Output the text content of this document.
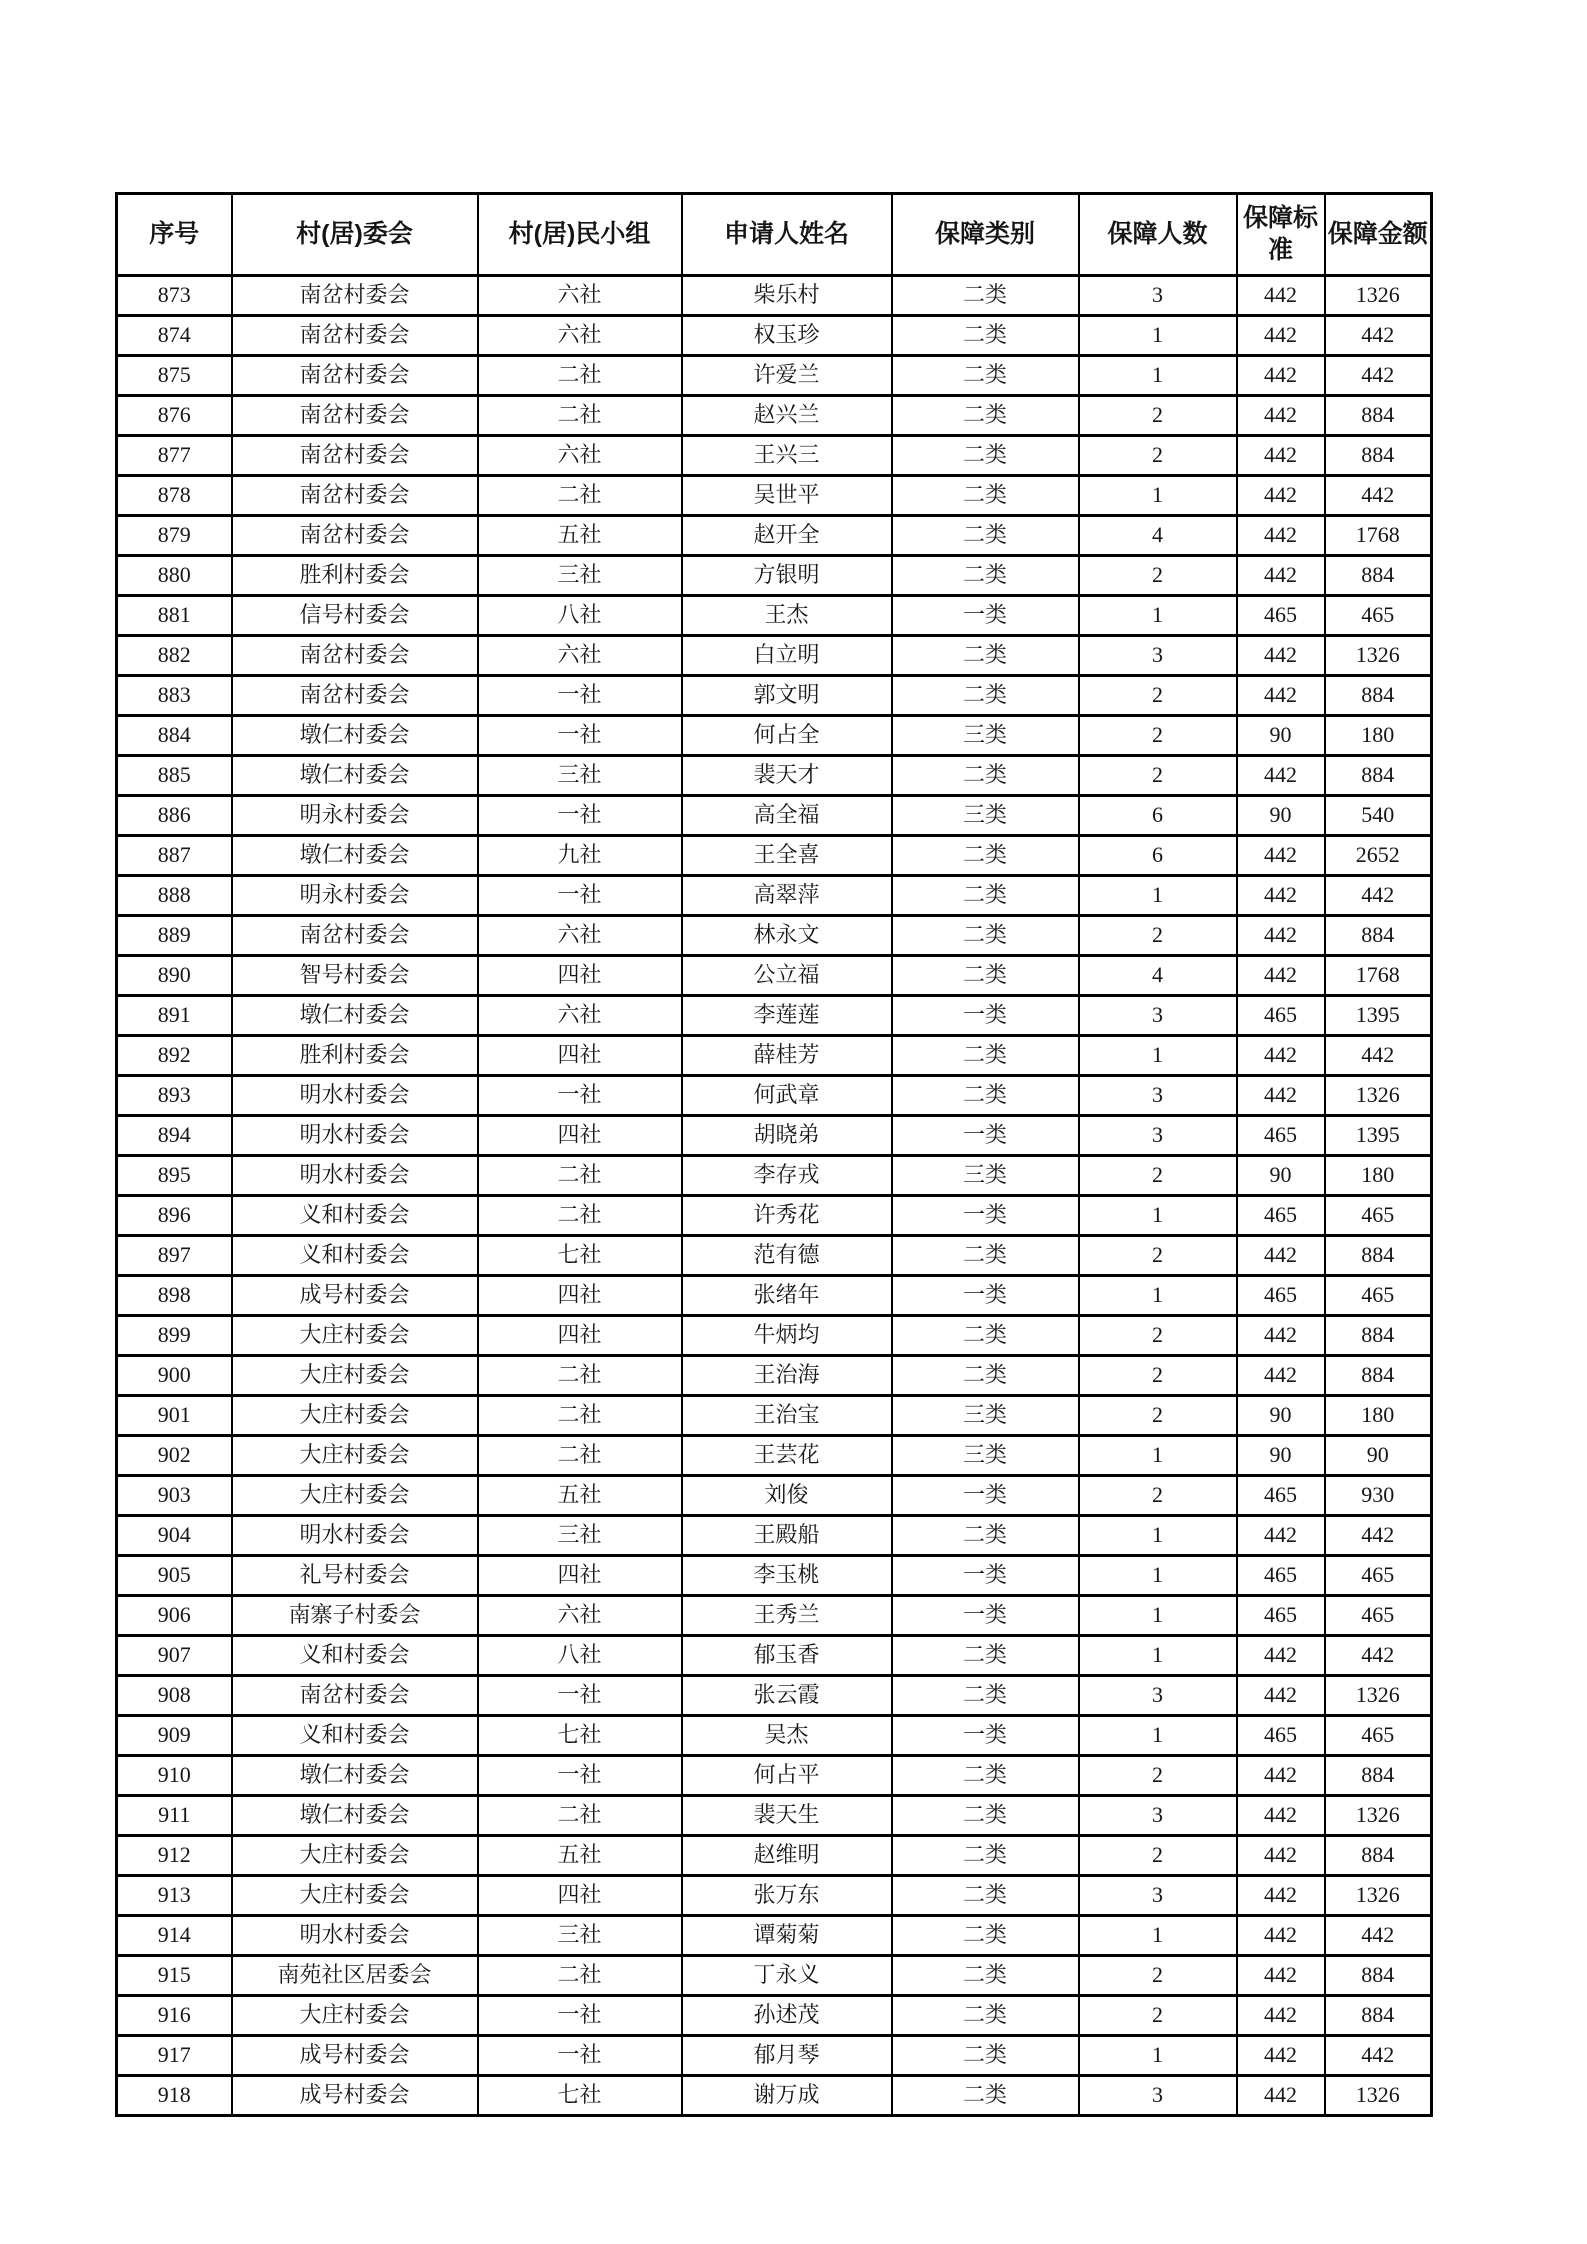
序号	村(居)委会	村(居)民小组	申请人姓名	保障类别	保障人数	保障标准	保障金额
873	南岔村委会	六社	柴乐村	二类	3	442	1326
874	南岔村委会	六社	权玉珍	二类	1	442	442
875	南岔村委会	二社	许爱兰	二类	1	442	442
876	南岔村委会	二社	赵兴兰	二类	2	442	884
877	南岔村委会	六社	王兴三	二类	2	442	884
878	南岔村委会	二社	吴世平	二类	1	442	442
879	南岔村委会	五社	赵开全	二类	4	442	1768
880	胜利村委会	三社	方银明	二类	2	442	884
881	信号村委会	八社	王杰	一类	1	465	465
882	南岔村委会	六社	白立明	二类	3	442	1326
883	南岔村委会	一社	郭文明	二类	2	442	884
884	墩仁村委会	一社	何占全	三类	2	90	180
885	墩仁村委会	三社	裴天才	二类	2	442	884
886	明永村委会	一社	高全福	三类	6	90	540
887	墩仁村委会	九社	王全喜	二类	6	442	2652
888	明永村委会	一社	高翠萍	二类	1	442	442
889	南岔村委会	六社	林永文	二类	2	442	884
890	智号村委会	四社	公立福	二类	4	442	1768
891	墩仁村委会	六社	李莲莲	一类	3	465	1395
892	胜利村委会	四社	薛桂芳	二类	1	442	442
893	明水村委会	一社	何武章	二类	3	442	1326
894	明水村委会	四社	胡晓弟	一类	3	465	1395
895	明水村委会	二社	李存戎	三类	2	90	180
896	义和村委会	二社	许秀花	一类	1	465	465
897	义和村委会	七社	范有德	二类	2	442	884
898	成号村委会	四社	张绪年	一类	1	465	465
899	大庄村委会	四社	牛炳均	二类	2	442	884
900	大庄村委会	二社	王治海	二类	2	442	884
901	大庄村委会	二社	王治宝	三类	2	90	180
902	大庄村委会	二社	王芸花	三类	1	90	90
903	大庄村委会	五社	刘俊	一类	2	465	930
904	明水村委会	三社	王殿船	二类	1	442	442
905	礼号村委会	四社	李玉桃	一类	1	465	465
906	南寨子村委会	六社	王秀兰	一类	1	465	465
907	义和村委会	八社	郁玉香	二类	1	442	442
908	南岔村委会	一社	张云霞	二类	3	442	1326
909	义和村委会	七社	吴杰	一类	1	465	465
910	墩仁村委会	一社	何占平	二类	2	442	884
911	墩仁村委会	二社	裴天生	二类	3	442	1326
912	大庄村委会	五社	赵维明	二类	2	442	884
913	大庄村委会	四社	张万东	二类	3	442	1326
914	明水村委会	三社	谭菊菊	二类	1	442	442
915	南苑社区居委会	二社	丁永义	二类	2	442	884
916	大庄村委会	一社	孙述茂	二类	2	442	884
917	成号村委会	一社	郁月琴	二类	1	442	442
918	成号村委会	七社	谢万成	二类	3	442	1326
